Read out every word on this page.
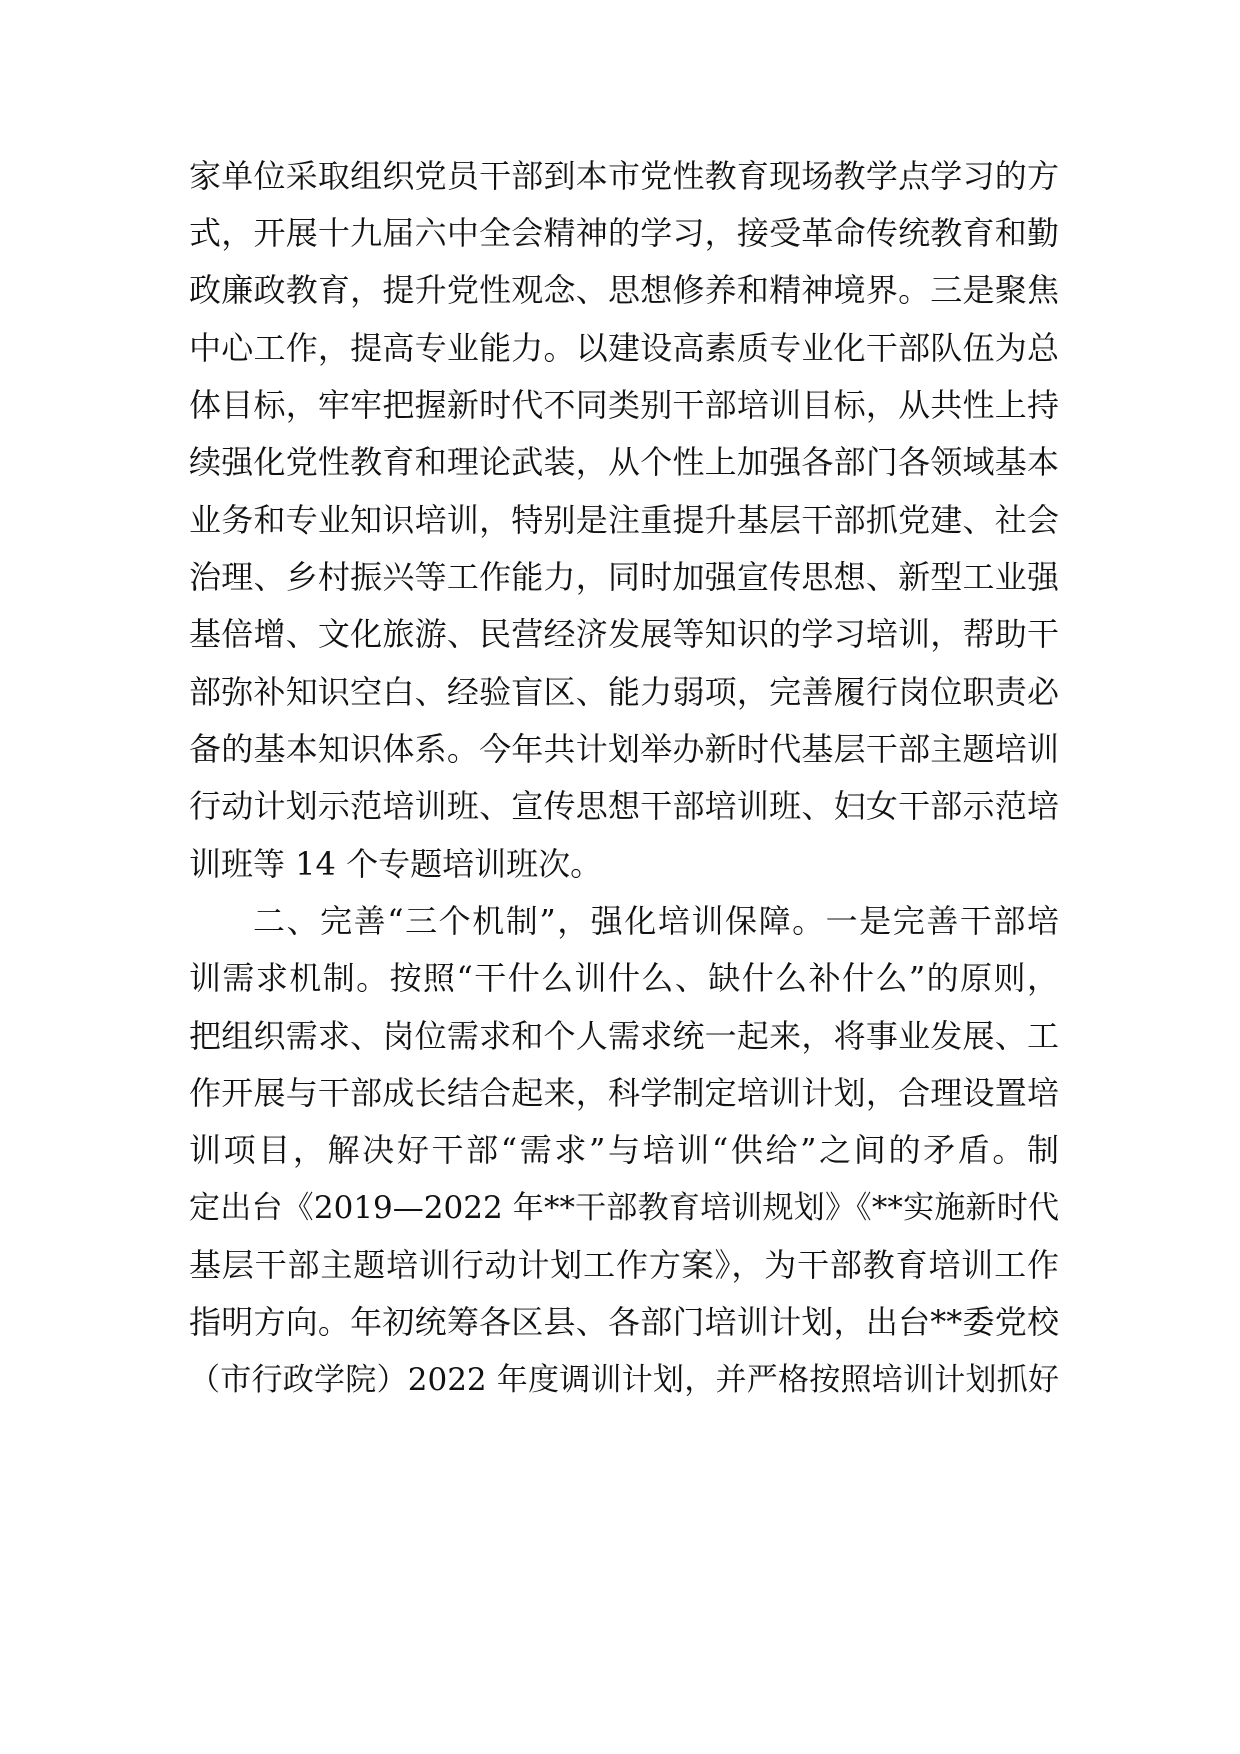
家单位采取组织党员干部到本市党性教育现场教学点学习的方
式，开展十九届六中全会精神的学习，接受革命传统教育和勤
政廉政教育，提升党性观念、思想修养和精神境界。三是聚焦
中心工作，提高专业能力。以建设高素质专业化干部队伍为总
体目标，牢牢把握新时代不同类别干部培训目标，从共性上持
续强化党性教育和理论武装，从个性上加强各部门各领域基本
业务和专业知识培训，特别是注重提升基层干部抓党建、社会
治理、乡村振兴等工作能力，同时加强宣传思想、新型工业强
基倍增、文化旅游、民营经济发展等知识的学习培训，帮助干
部弥补知识空白、经验盲区、能力弱项，完善履行岗位职责必
备的基本知识体系。今年共计划举办新时代基层干部主题培训
行动计划示范培训班、宣传思想干部培训班、妇女干部示范培
训班等 14 个专题培训班次。
二、完善“三个机制”，强化培训保障。一是完善干部培
训需求机制。按照“干什么训什么、缺什么补什么”的原则，
把组织需求、岗位需求和个人需求统一起来，将事业发展、工
作开展与干部成长结合起来，科学制定培训计划，合理设置培
训项目，解决好干部“需求”与培训“供给”之间的矛盾。制
定出台《2019—2022 年**干部教育培训规划》《**实施新时代
基层干部主题培训行动计划工作方案》，为干部教育培训工作
指明方向。年初统筹各区县、各部门培训计划，出台**委党校
（市行政学院）2022 年度调训计划，并严格按照培训计划抓好
